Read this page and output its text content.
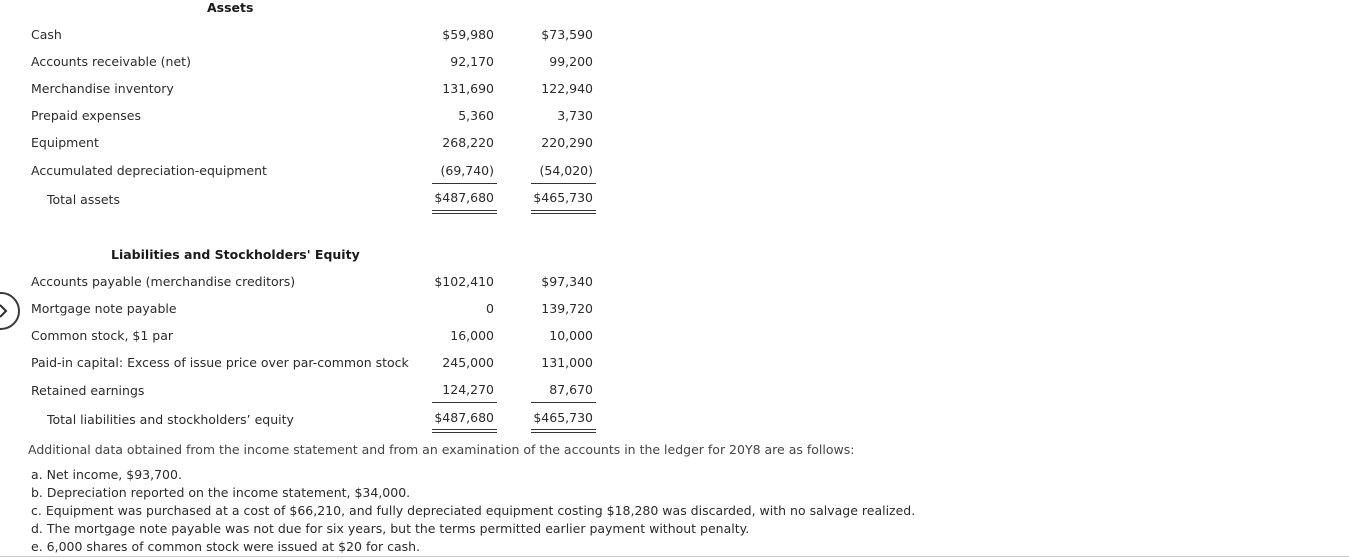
Assets
Cash	$59,980	$73,590
Accounts receivable (net)	92,170	99,200
Merchandise inventory	131,690	122,940
Prepaid expenses	5,360	3,730
Equipment	268,220	220,290
Accumulated depreciation-equipment	(69,740)	(54,020)
Total assets	$487,680	$465,730
Liabilities and Stockholders' Equity
Accounts payable (merchandise creditors)	$102,410	$97,340
Mortgage note payable	0	139,720
Common stock, $1 par	16,000	10,000
Paid-in capital: Excess of issue price over par-common stock	245,000	131,000
Retained earnings	124,270	87,670
Total liabilities and stockholders’ equity	$487,680	$465,730
Additional data obtained from the income statement and from an examination of the accounts in the ledger for 20Y8 are as follows:
a. Net income, $93,700.
b. Depreciation reported on the income statement, $34,000.
c. Equipment was purchased at a cost of $66,210, and fully depreciated equipment costing $18,280 was discarded, with no salvage realized.
d. The mortgage note payable was not due for six years, but the terms permitted earlier payment without penalty.
e. 6,000 shares of common stock were issued at $20 for cash.
